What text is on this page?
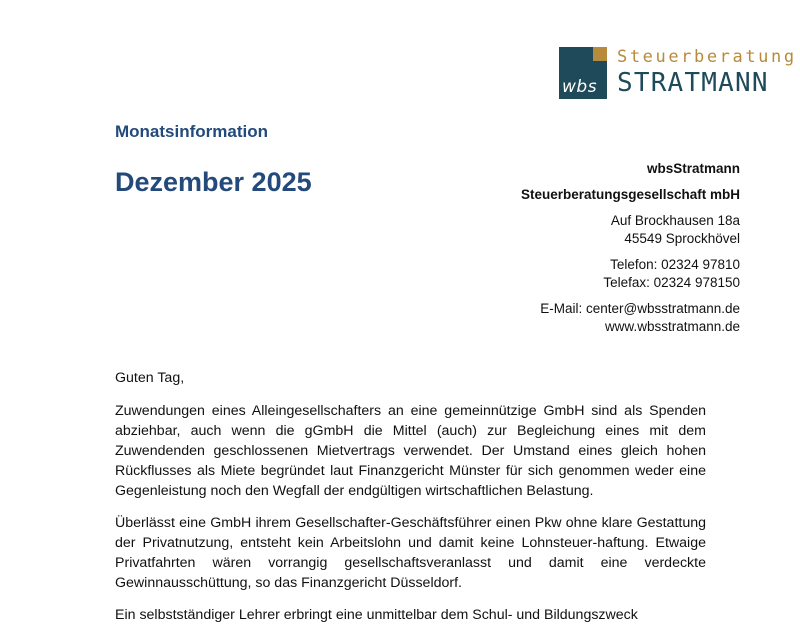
wbs
Steuerberatung
STRATMANN
Monatsinformation
Dezember 2025	wbsStratmann
Steuerberatungsgesellschaft mbH
Auf Brockhausen 18a
45549 Sprockhövel
Telefon: 02324 97810
Telefax: 02324 978150
E-Mail: center@wbsstratmann.de
www.wbsstratmann.de

Guten Tag,

Zuwendungen eines Alleingesellschafters an eine gemeinnützige GmbH sind als Spenden abziehbar, auch wenn die gGmbH die Mittel (auch) zur Begleichung eines mit dem Zuwendenden geschlossenen Mietvertrags verwendet. Der Umstand eines gleich hohen Rückflusses als Miete begründet laut Finanzgericht Münster für sich genommen weder eine Gegenleistung noch den Wegfall der endgültigen wirtschaftlichen Belastung.

Überlässt eine GmbH ihrem Gesellschafter-Geschäftsführer einen Pkw ohne klare Gestattung der Privatnutzung, entsteht kein Arbeitslohn und damit keine Lohnsteuer-haftung. Etwaige Privatfahrten wären vorrangig gesellschaftsveranlasst und damit eine verdeckte Gewinnausschüttung, so das Finanzgericht Düsseldorf.

Ein selbstständiger Lehrer erbringt eine unmittelbar dem Schul- und Bildungszweck
